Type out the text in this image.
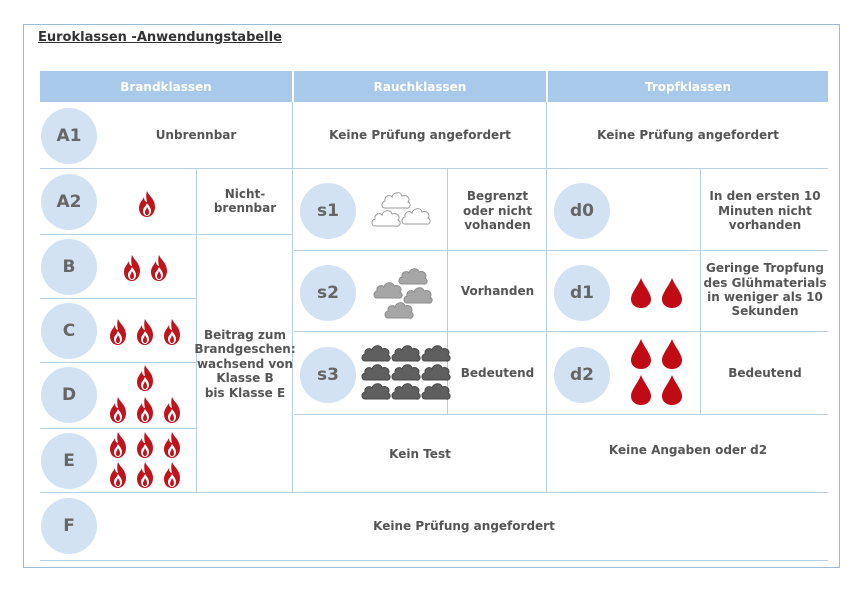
Euroklassen -Anwendungstabelle
Brandklassen	Rauchklassen	Tropfklassen
A1
A2
B
C
D
E
F
Unbrennbar
Nicht-
brennbar
Beitrag zum
Brandgeschen:
wachsend von
Klasse B
bis Klasse E
Keine Prüfung angefordert
Keine Prüfung angefordert
Begrenzt
oder nicht
vohanden
Vorhanden
Bedeutend
Kein Test
Keine Prüfung angefordert
In den ersten 10
Minuten nicht
vorhanden
Geringe Tropfung
des Glühmaterials
in weniger als 10
Sekunden
Bedeutend
Keine Angaben oder d2
s1
s2
s3
d0
d1
d2
